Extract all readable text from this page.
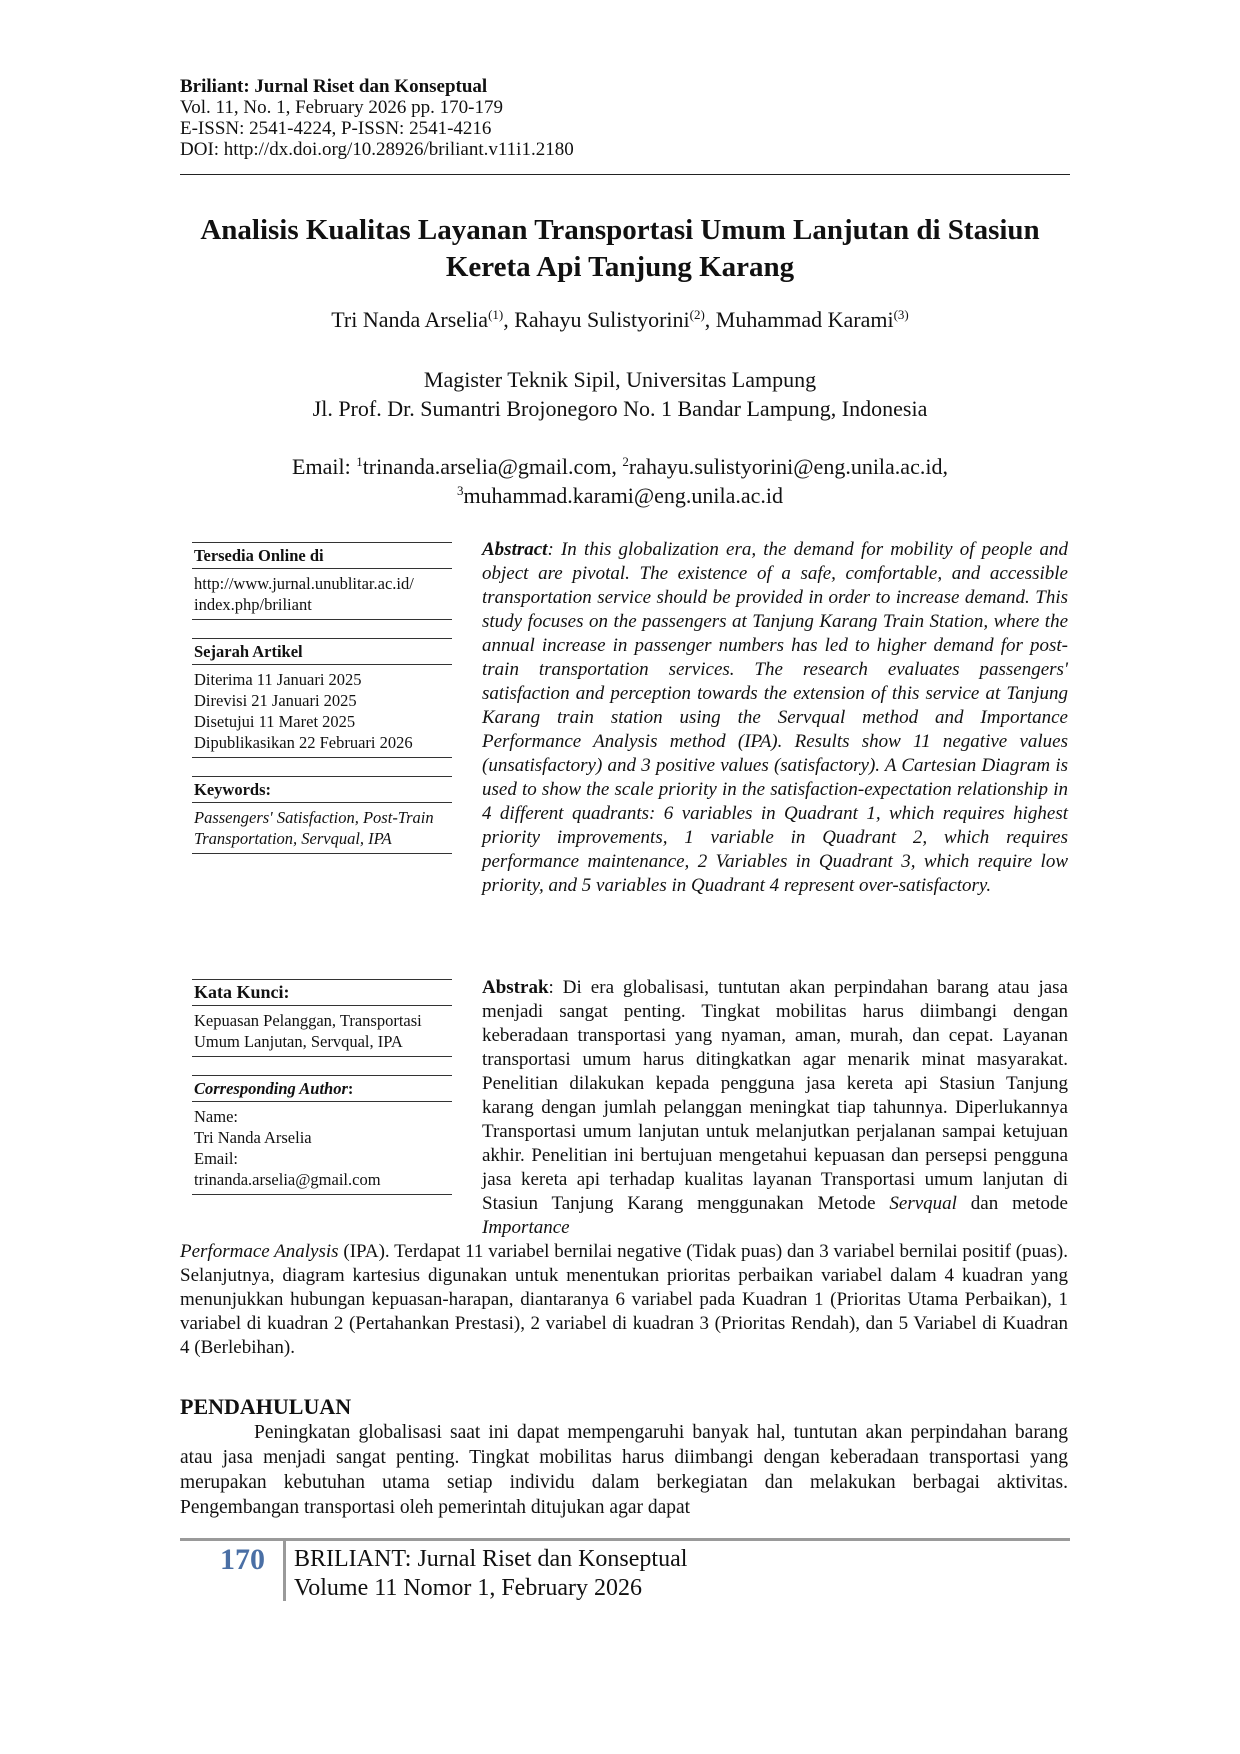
Briliant: Jurnal Riset dan Konseptual
Vol. 11, No. 1, February 2026 pp. 170-179
E-ISSN: 2541-4224, P-ISSN: 2541-4216
DOI: http://dx.doi.org/10.28926/briliant.v11i1.2180
Analisis Kualitas Layanan Transportasi Umum Lanjutan di Stasiun
Kereta Api Tanjung Karang
Tri Nanda Arselia$^{(1)}$, Rahayu Sulistyorini$^{(2)}$, Muhammad Karami$^{(3)}$
Magister Teknik Sipil, Universitas Lampung
Jl. Prof. Dr. Sumantri Brojonegoro No. 1 Bandar Lampung, Indonesia
Email: $^1$trinanda.arselia@gmail.com, $^2$rahayu.sulistyorini@eng.unila.ac.id,
$^3$muhammad.karami@eng.unila.ac.id
Tersedia Online di
http://www.jurnal.unublitar.ac.id/
index.php/briliant
Sejarah Artikel
Diterima 11 Januari 2025
Direvisi 21 Januari 2025
Disetujui 11 Maret 2025
Dipublikasikan 22 Februari 2026
Keywords:
Passengers' Satisfaction, Post-Train Transportation, Servqual, IPA
Kata Kunci:
Kepuasan Pelanggan, Transportasi Umum Lanjutan, Servqual, IPA
Corresponding Author:
Name:
Tri Nanda Arselia
Email:
trinanda.arselia@gmail.com
Abstract: In this globalization era, the demand for mobility of people and object are pivotal. The existence of a safe, comfortable, and accessible transportation service should be provided in order to increase demand. This study focuses on the passengers at Tanjung Karang Train Station, where the annual increase in passenger numbers has led to higher demand for post-train transportation services. The research evaluates passengers' satisfaction and perception towards the extension of this service at Tanjung Karang train station using the Servqual method and Importance Performance Analysis method (IPA). Results show 11 negative values (unsatisfactory) and 3 positive values (satisfactory). A Cartesian Diagram is used to show the scale priority in the satisfaction-expectation relationship in 4 different quadrants: 6 variables in Quadrant 1, which requires highest priority improvements, 1 variable in Quadrant 2, which requires performance maintenance, 2 Variables in Quadrant 3, which require low priority, and 5 variables in Quadrant 4 represent over-satisfactory.
Abstrak: Di era globalisasi, tuntutan akan perpindahan barang atau jasa menjadi sangat penting. Tingkat mobilitas harus diimbangi dengan keberadaan transportasi yang nyaman, aman, murah, dan cepat. Layanan transportasi umum harus ditingkatkan agar menarik minat masyarakat. Penelitian dilakukan kepada pengguna jasa kereta api Stasiun Tanjung karang dengan jumlah pelanggan meningkat tiap tahunnya. Diperlukannya Transportasi umum lanjutan untuk melanjutkan perjalanan sampai ketujuan akhir. Penelitian ini bertujuan mengetahui kepuasan dan persepsi pengguna jasa kereta api terhadap kualitas layanan Transportasi umum lanjutan di Stasiun Tanjung Karang menggunakan Metode Servqual dan metode Importance
Performace Analysis (IPA). Terdapat 11 variabel bernilai negative (Tidak puas) dan 3 variabel bernilai positif (puas). Selanjutnya, diagram kartesius digunakan untuk menentukan prioritas perbaikan variabel dalam 4 kuadran yang menunjukkan hubungan kepuasan-harapan, diantaranya 6 variabel pada Kuadran 1 (Prioritas Utama Perbaikan), 1 variabel di kuadran 2 (Pertahankan Prestasi), 2 variabel di kuadran 3 (Prioritas Rendah), dan 5 Variabel di Kuadran 4 (Berlebihan).
PENDAHULUAN
Peningkatan globalisasi saat ini dapat mempengaruhi banyak hal, tuntutan akan perpindahan barang atau jasa menjadi sangat penting. Tingkat mobilitas harus diimbangi dengan keberadaan transportasi yang merupakan kebutuhan utama setiap individu dalam berkegiatan dan melakukan berbagai aktivitas. Pengembangan transportasi oleh pemerintah ditujukan agar dapat
170 BRILIANT: Jurnal Riset dan Konseptual
Volume 11 Nomor 1, February 2026
